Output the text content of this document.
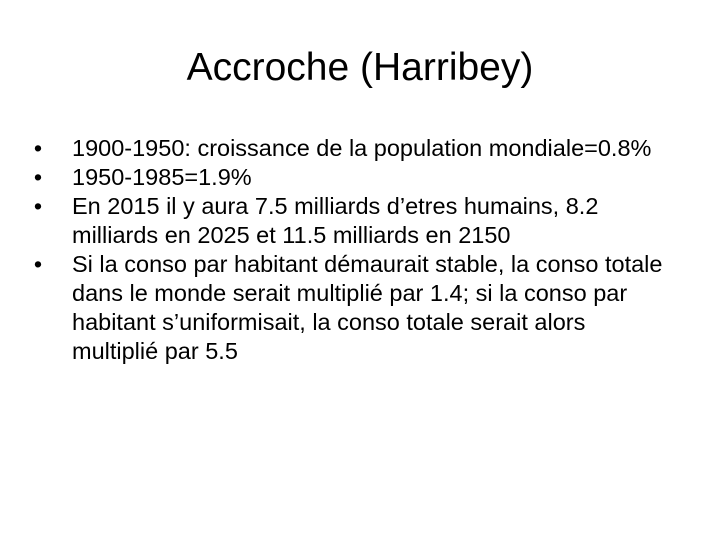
Accroche (Harribey)
• 1900-1950: croissance de la population mondiale=0.8%
• 1950-1985=1.9%
• En 2015 il y aura 7.5 milliards d’etres humains, 8.2 milliards en 2025 et 11.5 milliards en 2150
• Si la conso par habitant démaurait stable, la conso totale dans le monde serait multiplié par 1.4; si la conso par habitant s’uniformisait, la conso totale serait alors multiplié par 5.5
